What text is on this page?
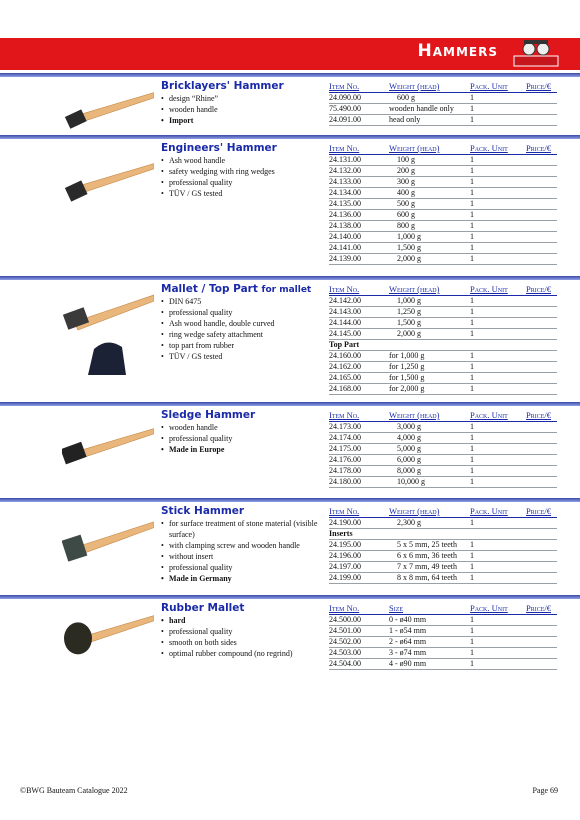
Hammers
Bricklayers' Hammer
• design “Rhine”
• wooden handle
• Import
Item No.	Weight (head)	Pack. Unit Price/€
24.090.00	600 g	1
75.490.00	wooden handle only 1
24.091.00	head only	1
Engineers' Hammer
• Ash wood handle
• safety wedging with ring wedges
• professional quality
• TÜV / GS tested
Item No.	Weight (head)	Pack. Unit Price/€
24.131.00	100 g	1
24.132.00	200 g	1
24.133.00	300 g	1
24.134.00	400 g	1
24.135.00	500 g	1
24.136.00	600 g	1
24.138.00	800 g	1
24.140.00	1,000 g	1
24.141.00	1,500 g	1
24.139.00	2,000 g	1
Mallet / Top Part for mallet
• DIN 6475
• professional quality
• Ash wood handle, double curved
• ring wedge safety attachment
• top part from rubber
• TÜV / GS tested
Item No.	Weight (head)	Pack. Unit Price/€
24.142.00	1,000 g	1
24.143.00	1,250 g	1
24.144.00	1,500 g	1
24.145.00	2,000 g	1
Top Part
24.160.00	for 1,000 g	1
24.162.00	for 1,250 g	1
24.165.00	for 1,500 g	1
24.168.00	for 2,000 g	1
Sledge Hammer
• wooden handle
• professional quality
• Made in Europe
Item No.	Weight (head)	Pack. Unit Price/€
24.173.00	3,000 g	1
24.174.00	4,000 g	1
24.175.00	5,000 g	1
24.176.00	6,000 g	1
24.178.00	8,000 g	1
24.180.00	10,000 g	1
Stick Hammer
• for surface treatment of stone material (visible surface)
• with clamping screw and wooden handle
• without insert
• professional quality
• Made in Germany
Item No.	Weight (head)	Pack. Unit Price/€
24.190.00	2,300 g	1
Inserts
24.195.00	5 x 5 mm, 25 teeth 1
24.196.00	6 x 6 mm, 36 teeth 1
24.197.00	7 x 7 mm, 49 teeth 1
24.199.00	8 x 8 mm, 64 teeth 1
Rubber Mallet
• hard
• professional quality
• smooth on both sides
• optimal rubber compound (no regrind)
Item No.	Size	Pack. Unit Price/€
24.500.00	0 - ø40 mm	1
24.501.00	1 - ø54 mm	1
24.502.00	2 - ø64 mm	1
24.503.00	3 - ø74 mm	1
24.504.00	4 - ø90 mm	1
©BWG Bauteam Catalogue 2022	Page 69
